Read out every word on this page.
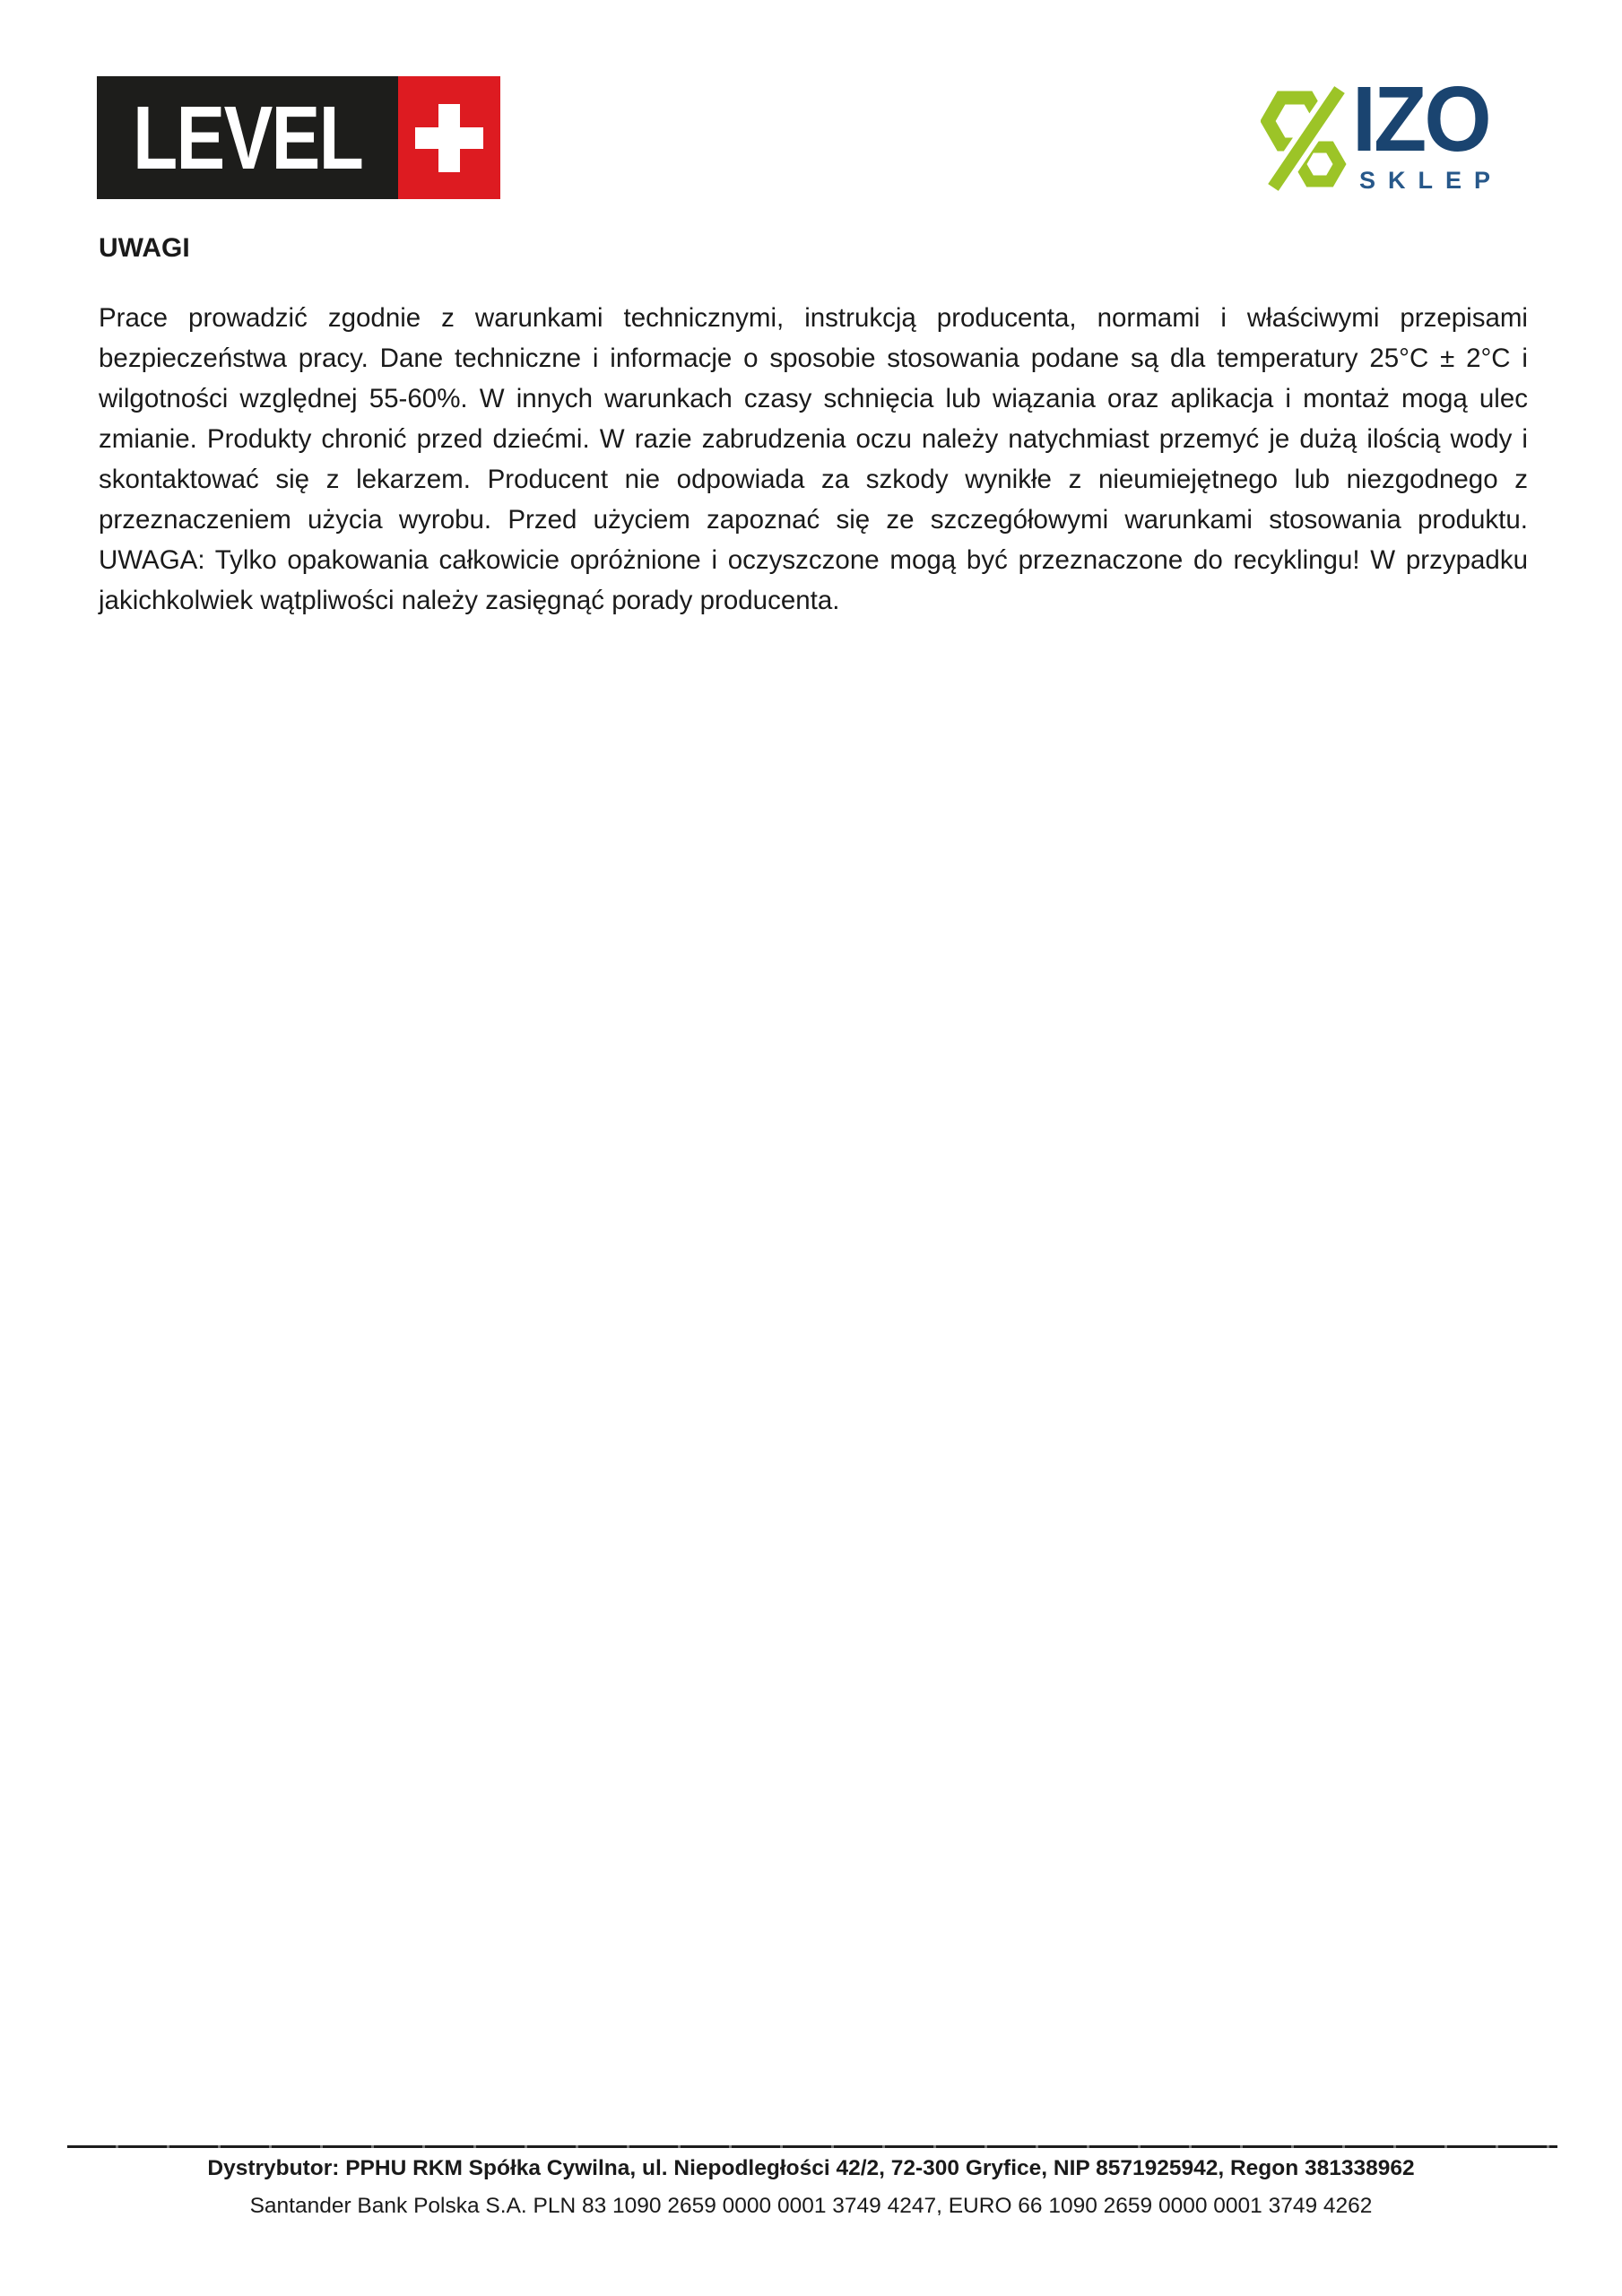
LEVEL	IZO
SKLEP
UWAGI

Prace prowadzić zgodnie z warunkami technicznymi, instrukcją producenta, normami i właściwymi przepisami bezpieczeństwa pracy. Dane techniczne i informacje o sposobie stosowania podane są dla temperatury 25°C ± 2°C i wilgotności względnej 55-60%. W innych warunkach czasy schnięcia lub wiązania oraz aplikacja i montaż mogą ulec zmianie. Produkty chronić przed dziećmi. W razie zabrudzenia oczu należy natychmiast przemyć je dużą ilością wody i skontaktować się z lekarzem. Producent nie odpowiada za szkody wynikłe z nieumiejętnego lub niezgodnego z przeznaczeniem użycia wyrobu. Przed użyciem zapoznać się ze szczegółowymi warunkami stosowania produktu. UWAGA: Tylko opakowania całkowicie opróżnione i oczyszczone mogą być przeznaczone do recyklingu! W przypadku jakichkolwiek wątpliwości należy zasięgnąć porady producenta.

Dystrybutor: PPHU RKM Spółka Cywilna, ul. Niepodległości 42/2, 72-300 Gryfice, NIP 8571925942, Regon 381338962
Santander Bank Polska S.A. PLN 83 1090 2659 0000 0001 3749 4247, EURO 66 1090 2659 0000 0001 3749 4262
